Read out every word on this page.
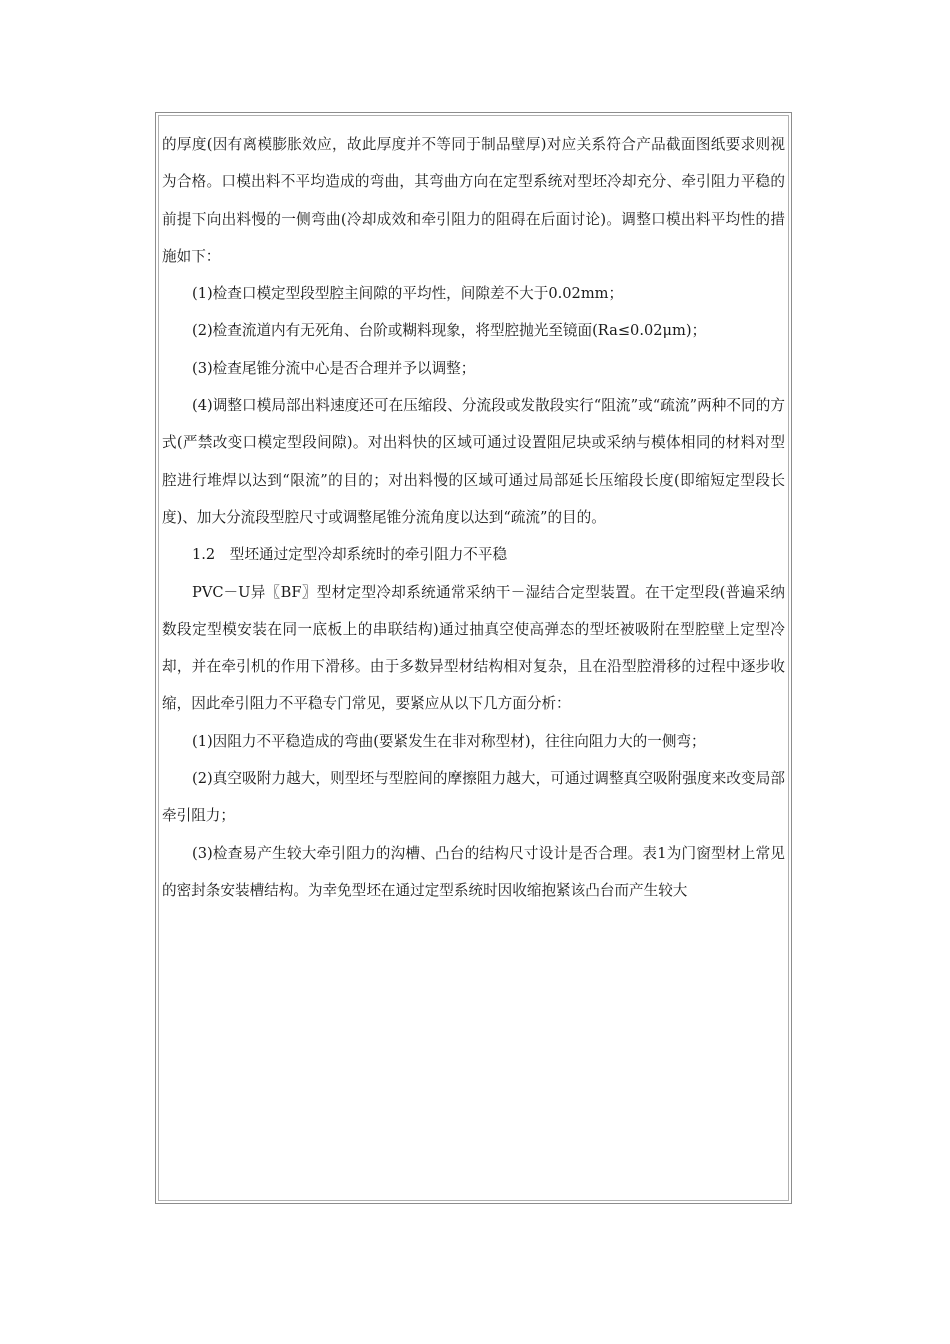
的厚度(因有离模膨胀效应，故此厚度并不等同于制品壁厚)对应关系符合产品截面图纸要求则视为合格。口模出料不平均造成的弯曲，其弯曲方向在定型系统对型坯冷却充分、牵引阻力平稳的前提下向出料慢的一侧弯曲(冷却成效和牵引阻力的阻碍在后面讨论)。调整口模出料平均性的措施如下：

(1)检查口模定型段型腔主间隙的平均性，间隙差不大于0.02mm；

(2)检查流道内有无死角、台阶或糊料现象，将型腔抛光至镜面(Ra≤0.02μm)；

(3)检查尾锥分流中心是否合理并予以调整；

(4)调整口模局部出料速度还可在压缩段、分流段或发散段实行“阻流”或“疏流”两种不同的方式(严禁改变口模定型段间隙)。对出料快的区域可通过设置阻尼块或采纳与模体相同的材料对型腔进行堆焊以达到“限流”的目的；对出料慢的区域可通过局部延长压缩段长度(即缩短定型段长度)、加大分流段型腔尺寸或调整尾锥分流角度以达到“疏流”的目的。

1.2　型坯通过定型冷却系统时的牵引阻力不平稳

PVC－U异〖BF〗型材定型冷却系统通常采纳干－湿结合定型装置。在干定型段(普遍采纳数段定型模安装在同一底板上的串联结构)通过抽真空使高弹态的型坯被吸附在型腔壁上定型冷却，并在牵引机的作用下滑移。由于多数异型材结构相对复杂，且在沿型腔滑移的过程中逐步收缩，因此牵引阻力不平稳专门常见，要紧应从以下几方面分析：

(1)因阻力不平稳造成的弯曲(要紧发生在非对称型材)，往往向阻力大的一侧弯；

(2)真空吸附力越大，则型坯与型腔间的摩擦阻力越大，可通过调整真空吸附强度来改变局部牵引阻力；

(3)检查易产生较大牵引阻力的沟槽、凸台的结构尺寸设计是否合理。表1为门窗型材上常见的密封条安装槽结构。为幸免型坯在通过定型系统时因收缩抱紧该凸台而产生较大
